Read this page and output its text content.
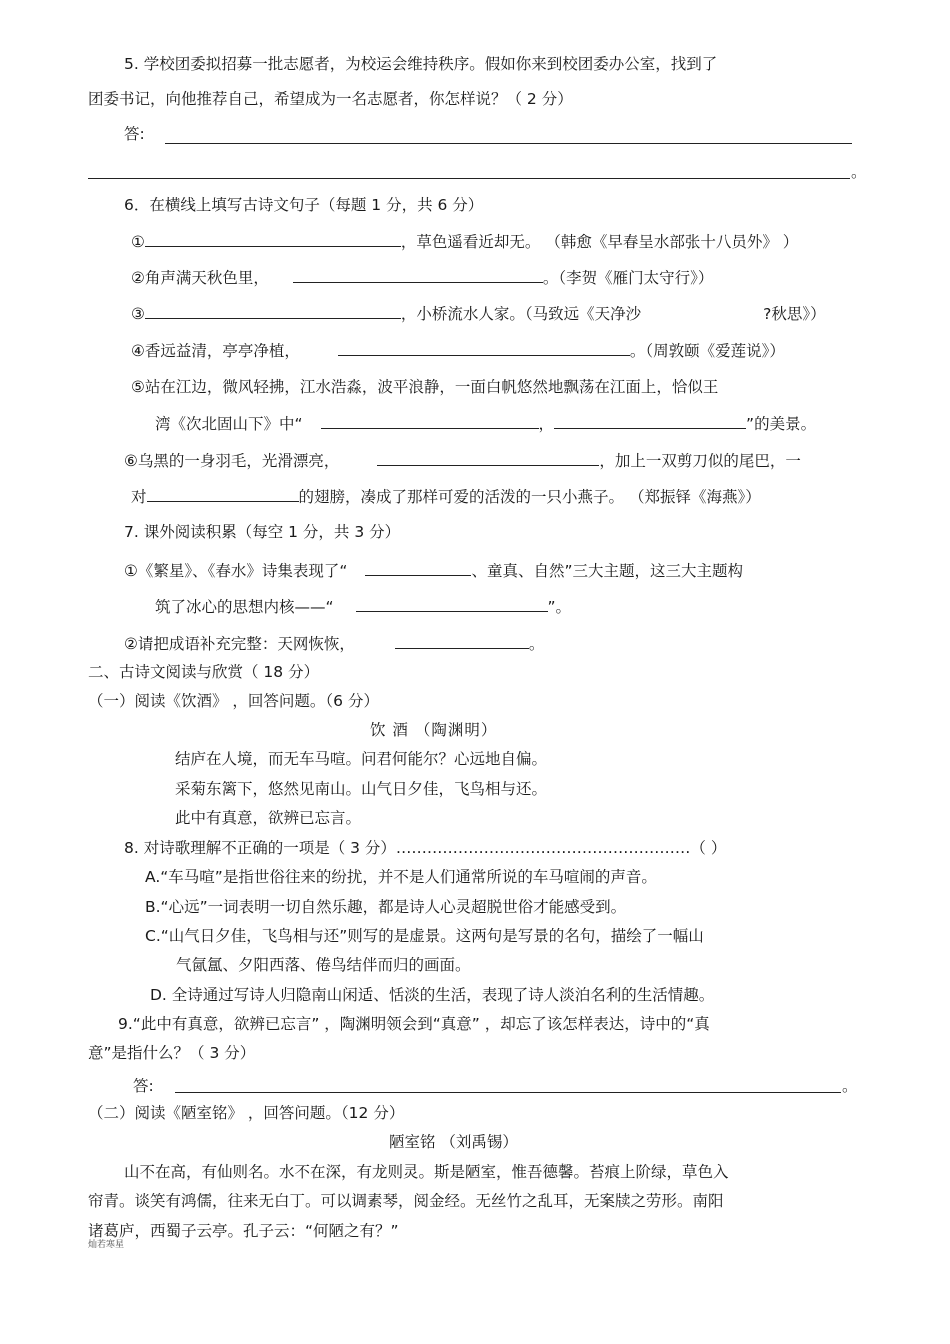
5. 学校团委拟招募一批志愿者，为校运会维持秩序。假如你来到校团委办公室，找到了
团委书记，向他推荐自己，希望成为一名志愿者，你怎样说？（ 2 分）
答:
。
6．在横线上填写古诗文句子（每题 1 分，共 6 分）
①	，草色遥看近却无。 （韩愈《早春呈水部张十八员外》 ）
②角声满天秋色里，	。（李贺《雁门太守行》）
③	，小桥流水人家。（马致远《天净沙	?秋思》）
④香远益清，亭亭净植，	。（周敦颐《爱莲说》）
⑤站在江边，微风轻拂，江水浩淼，波平浪静，一面白帆悠然地飘荡在江面上，恰似王
湾《次北固山下》中“	，	”的美景。
⑥乌黑的一身羽毛，光滑漂亮，	，加上一双剪刀似的尾巴，一
对	的翅膀，凑成了那样可爱的活泼的一只小燕子。 （郑振铎《海燕》）
7. 课外阅读积累（每空 1 分，共 3 分）
①《繁星》、《春水》诗集表现了“	、童真、自然”三大主题，这三大主题构
筑了冰心的思想内核——“	”。
②请把成语补充完整：天网恢恢，	。
二、古诗文阅读与欣赏（ 18 分）
（一）阅读《饮酒》 ，回答问题。（6 分）
饮 酒 （陶渊明）
结庐在人境，而无车马喧。问君何能尔？心远地自偏。
采菊东篱下，悠然见南山。山气日夕佳，飞鸟相与还。
此中有真意，欲辨已忘言。
8. 对诗歌理解不正确的一项是（ 3 分）…………………………………………………（ ）
A.“车马喧”是指世俗往来的纷扰，并不是人们通常所说的车马喧闹的声音。
B.“心远”一词表明一切自然乐趣，都是诗人心灵超脱世俗才能感受到。
C.“山气日夕佳，飞鸟相与还”则写的是虚景。这两句是写景的名句，描绘了一幅山
气氤氲、夕阳西落、倦鸟结伴而归的画面。
D. 全诗通过写诗人归隐南山闲适、恬淡的生活，表现了诗人淡泊名利的生活情趣。
9.“此中有真意，欲辨已忘言” ，陶渊明领会到“真意” ，却忘了该怎样表达，诗中的“真
意”是指什么？（ 3 分）
答:	。
（二）阅读《陋室铭》 ，回答问题。（12 分）
陋室铭 （刘禹锡）
山不在高，有仙则名。水不在深，有龙则灵。斯是陋室，惟吾德馨。苔痕上阶绿，草色入
帘青。谈笑有鸿儒，往来无白丁。可以调素琴，阅金经。无丝竹之乱耳，无案牍之劳形。南阳
诸葛庐，西蜀子云亭。孔子云：“何陋之有？”
灿若寒星
